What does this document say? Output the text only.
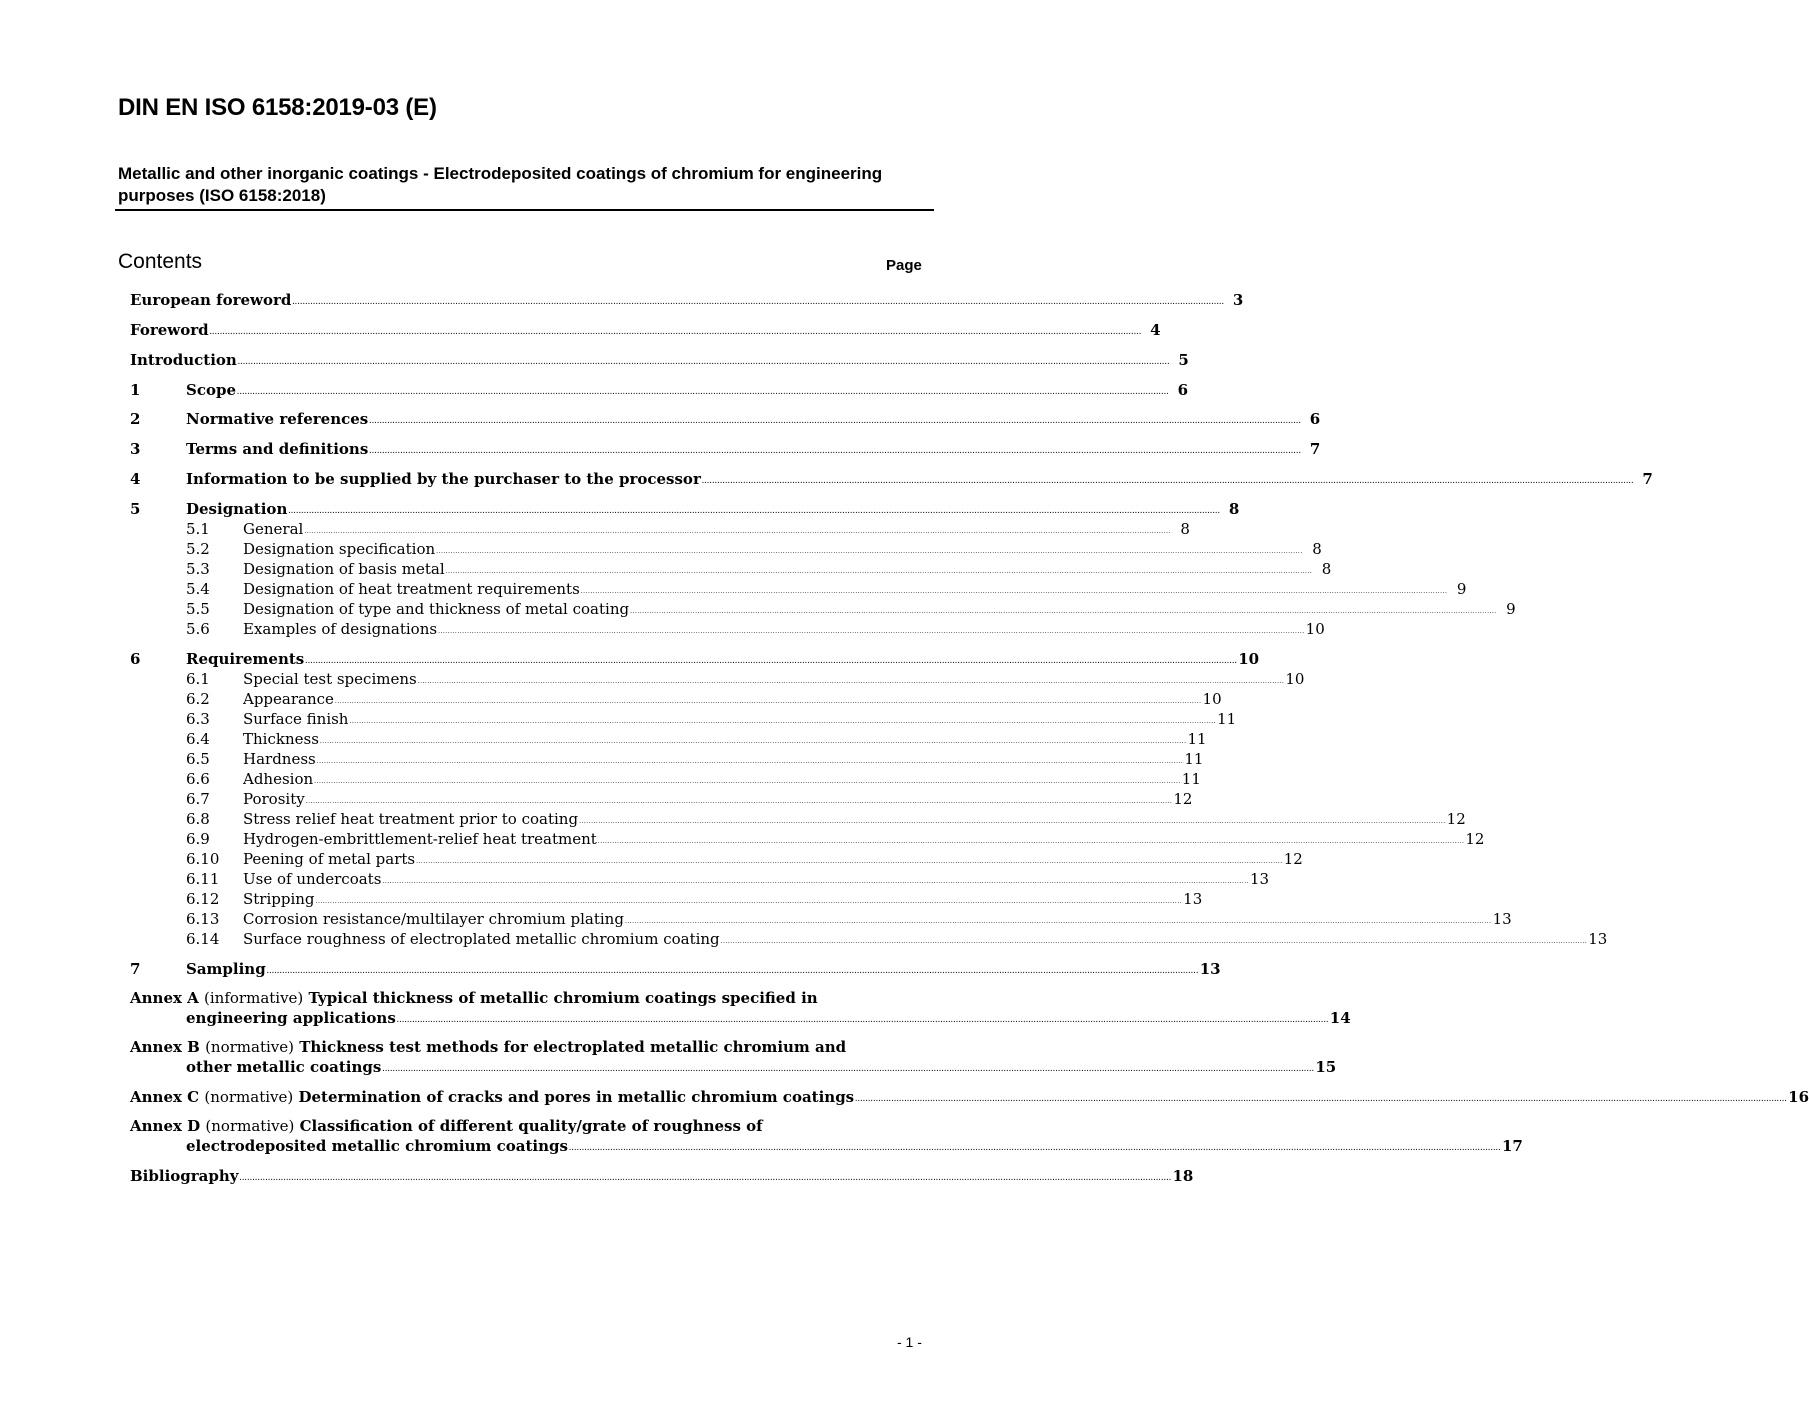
DIN EN ISO 6158:2019-03 (E)
Metallic and other inorganic coatings - Electrodeposited coatings of chromium for engineering purposes (ISO 6158:2018)
Contents	Page
European foreword ........................................................................................................................................................................................................................................................................................................................................................................ 3
Foreword ........................................................................................................................................................................................................................................................................................................................................................................ 4
Introduction ........................................................................................................................................................................................................................................................................................................................................................................ 5
1	Scope ........................................................................................................................................................................................................................................................................................................................................................................ 6
2	Normative references ........................................................................................................................................................................................................................................................................................................................................................................ 6
3	Terms and definitions ........................................................................................................................................................................................................................................................................................................................................................................ 7
4	Information to be supplied by the purchaser to the processor ........................................................................................................................................................................................................................................................................................................................................................................ 7
5	Designation ........................................................................................................................................................................................................................................................................................................................................................................ 8
5.1	General ........................................................................................................................................................................................................................................................................................................................................................................ 8
5.2	Designation specification ........................................................................................................................................................................................................................................................................................................................................................................ 8
5.3	Designation of basis metal ........................................................................................................................................................................................................................................................................................................................................................................ 8
5.4	Designation of heat treatment requirements ........................................................................................................................................................................................................................................................................................................................................................................ 9
5.5	Designation of type and thickness of metal coating ........................................................................................................................................................................................................................................................................................................................................................................ 9
5.6	Examples of designations ........................................................................................................................................................................................................................................................................................................................................................................ 10
6	Requirements ........................................................................................................................................................................................................................................................................................................................................................................ 10
6.1	Special test specimens ........................................................................................................................................................................................................................................................................................................................................................................ 10
6.2	Appearance ........................................................................................................................................................................................................................................................................................................................................................................ 10
6.3	Surface finish ........................................................................................................................................................................................................................................................................................................................................................................ 11
6.4	Thickness ........................................................................................................................................................................................................................................................................................................................................................................ 11
6.5	Hardness ........................................................................................................................................................................................................................................................................................................................................................................ 11
6.6	Adhesion ........................................................................................................................................................................................................................................................................................................................................................................ 11
6.7	Porosity ........................................................................................................................................................................................................................................................................................................................................................................ 12
6.8	Stress relief heat treatment prior to coating ........................................................................................................................................................................................................................................................................................................................................................................ 12
6.9	Hydrogen-embrittlement-relief heat treatment ........................................................................................................................................................................................................................................................................................................................................................................ 12
6.10	Peening of metal parts ........................................................................................................................................................................................................................................................................................................................................................................ 12
6.11	Use of undercoats ........................................................................................................................................................................................................................................................................................................................................................................ 13
6.12	Stripping ........................................................................................................................................................................................................................................................................................................................................................................ 13
6.13	Corrosion resistance/multilayer chromium plating ........................................................................................................................................................................................................................................................................................................................................................................ 13
6.14	Surface roughness of electroplated metallic chromium coating ........................................................................................................................................................................................................................................................................................................................................................................ 13
7	Sampling ........................................................................................................................................................................................................................................................................................................................................................................ 13
Annex A (informative) Typical thickness of metallic chromium coatings specified in
engineering applications ........................................................................................................................................................................................................................................................................................................................................................................ 14
Annex B (normative) Thickness test methods for electroplated metallic chromium and
other metallic coatings ........................................................................................................................................................................................................................................................................................................................................................................ 15
Annex C (normative) Determination of cracks and pores in metallic chromium coatings ........................................................................................................................................................................................................................................................................................................................................................................ 16
Annex D (normative) Classification of different quality/grate of roughness of
electrodeposited metallic chromium coatings ........................................................................................................................................................................................................................................................................................................................................................................ 17
Bibliography ........................................................................................................................................................................................................................................................................................................................................................................ 18
- 1 -
